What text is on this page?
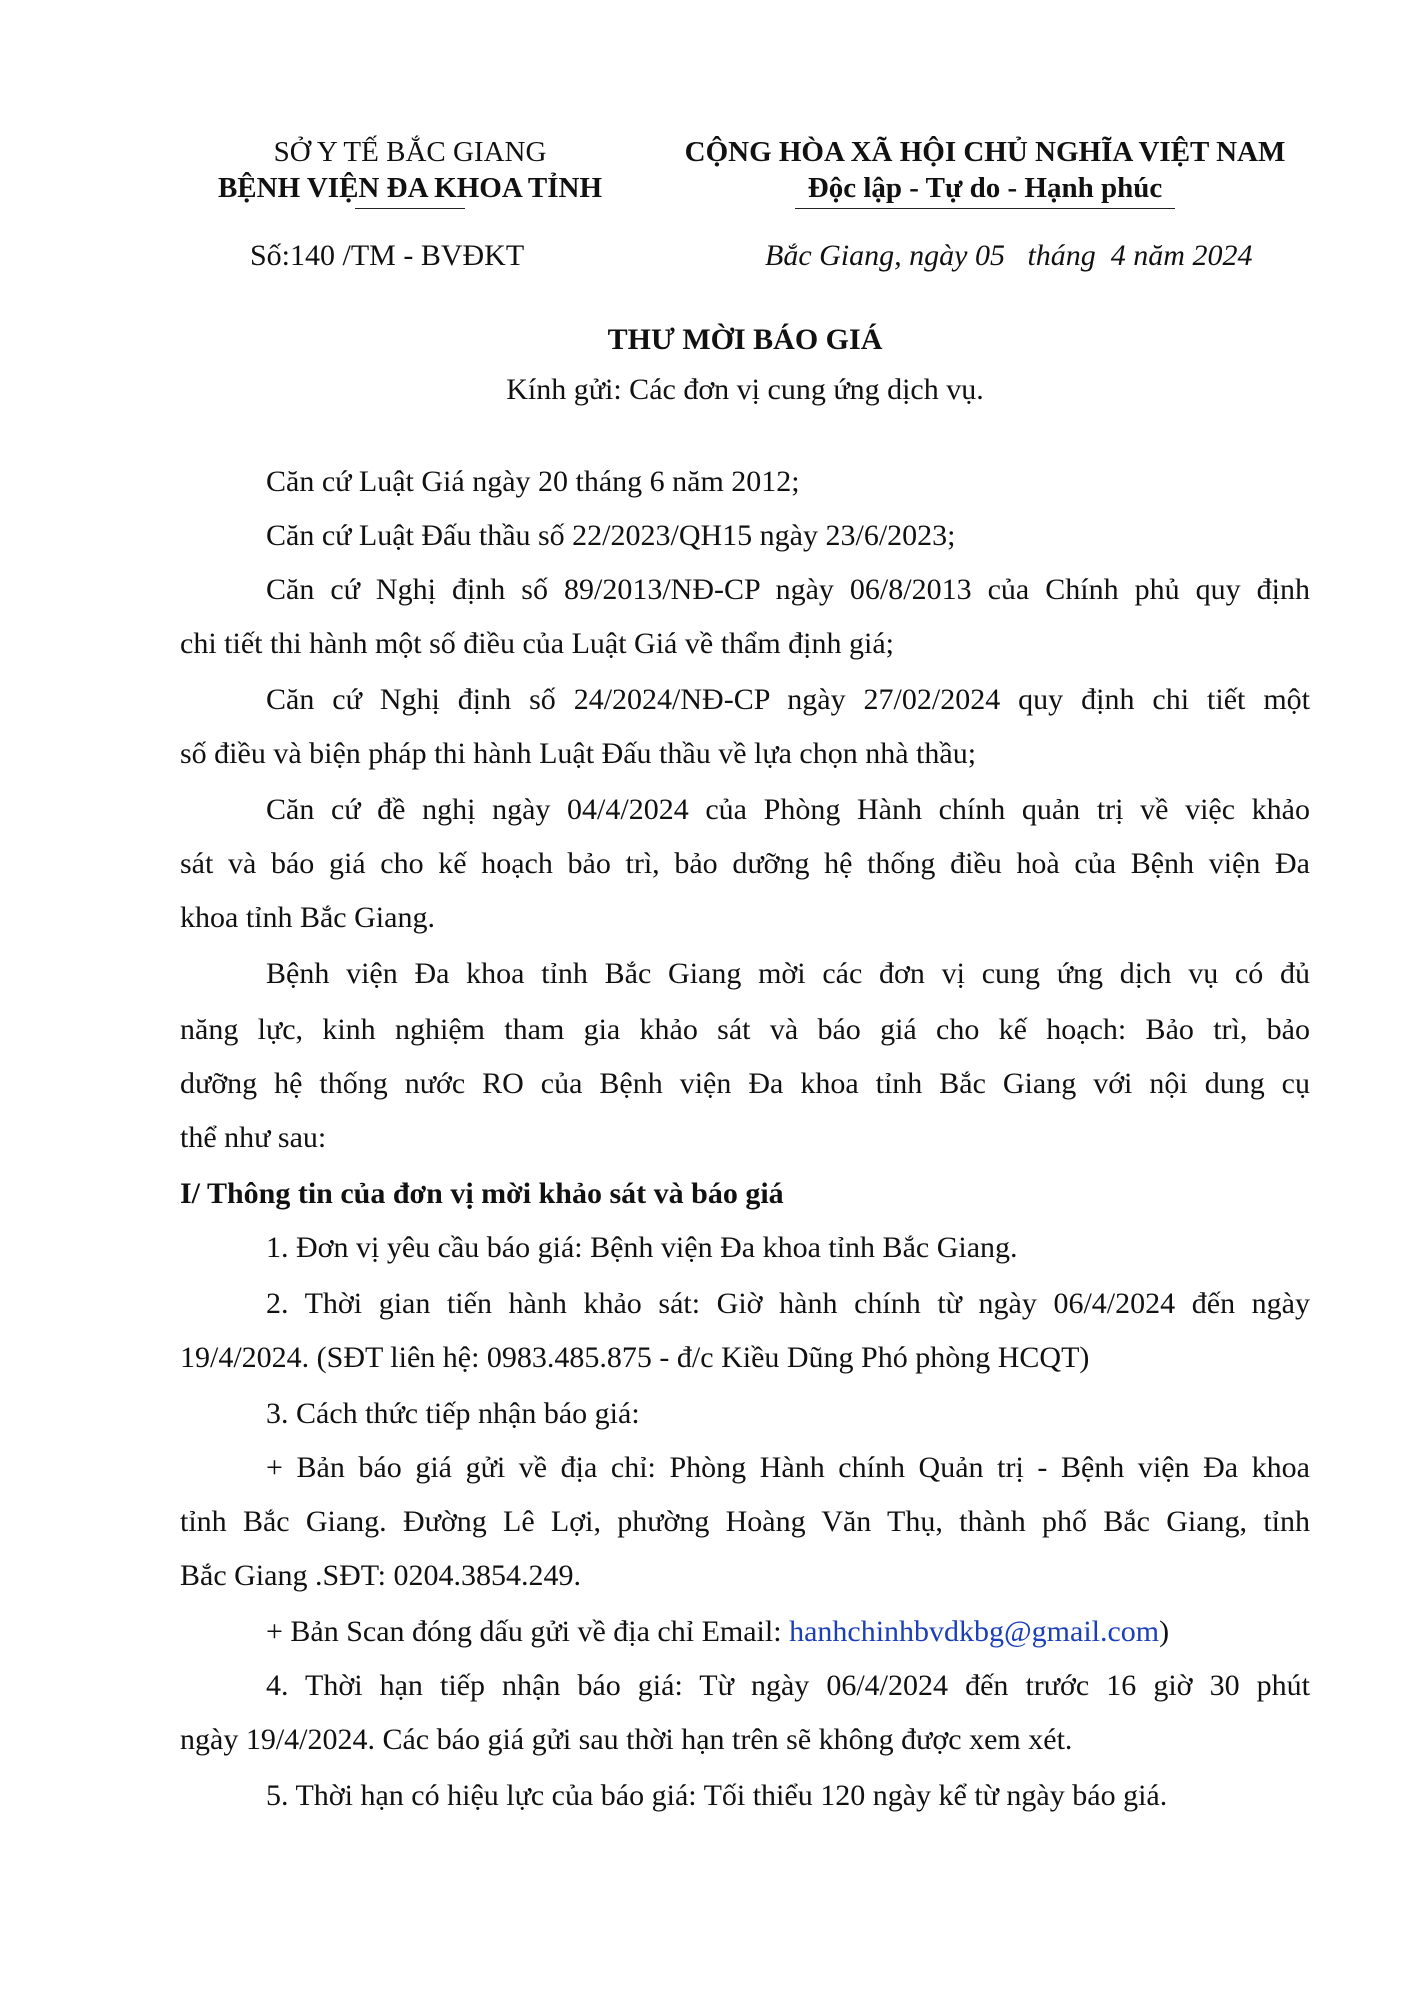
SỞ Y TẾ BẮC GIANG
BỆNH VIỆN ĐA KHOA TỈNH
CỘNG HÒA XÃ HỘI CHỦ NGHĨA VIỆT NAM
Độc lập - Tự do - Hạnh phúc
Số:140 /TM - BVĐKT	Bắc Giang, ngày 05   tháng  4 năm 2024
THƯ MỜI BÁO GIÁ
Kính gửi: Các đơn vị cung ứng dịch vụ.
Căn cứ Luật Giá ngày 20 tháng 6 năm 2012;
Căn cứ Luật Đấu thầu số 22/2023/QH15 ngày 23/6/2023;
Căn cứ Nghị định số 89/2013/NĐ-CP ngày 06/8/2013 của Chính phủ quy định
chi tiết thi hành một số điều của Luật Giá về thẩm định giá;
Căn cứ Nghị định số 24/2024/NĐ-CP ngày 27/02/2024 quy định chi tiết một
số điều và biện pháp thi hành Luật Đấu thầu về lựa chọn nhà thầu;
Căn cứ đề nghị ngày 04/4/2024 của Phòng Hành chính quản trị về việc khảo
sát và báo giá cho kế hoạch bảo trì, bảo dưỡng hệ thống điều hoà của Bệnh viện Đa
khoa tỉnh Bắc Giang.
Bệnh viện Đa khoa tỉnh Bắc Giang mời các đơn vị cung ứng dịch vụ có đủ
năng lực, kinh nghiệm tham gia khảo sát và báo giá cho kế hoạch: Bảo trì, bảo
dưỡng hệ thống nước RO của Bệnh viện Đa khoa tỉnh Bắc Giang với nội dung cụ
thể như sau:
I/ Thông tin của đơn vị mời khảo sát và báo giá
1. Đơn vị yêu cầu báo giá: Bệnh viện Đa khoa tỉnh Bắc Giang.
2. Thời gian tiến hành khảo sát: Giờ hành chính từ ngày 06/4/2024 đến ngày
19/4/2024. (SĐT liên hệ: 0983.485.875 - đ/c Kiều Dũng Phó phòng HCQT)
3. Cách thức tiếp nhận báo giá:
+ Bản báo giá gửi về địa chỉ: Phòng Hành chính Quản trị - Bệnh viện Đa khoa
tỉnh Bắc Giang. Đường Lê Lợi, phường Hoàng Văn Thụ, thành phố Bắc Giang, tỉnh
Bắc Giang .SĐT: 0204.3854.249.
+ Bản Scan đóng dấu gửi về địa chỉ Email: hanhchinhbvdkbg@gmail.com)
4. Thời hạn tiếp nhận báo giá: Từ ngày 06/4/2024 đến trước 16 giờ 30 phút
ngày 19/4/2024. Các báo giá gửi sau thời hạn trên sẽ không được xem xét.
5. Thời hạn có hiệu lực của báo giá: Tối thiểu 120 ngày kể từ ngày báo giá.
